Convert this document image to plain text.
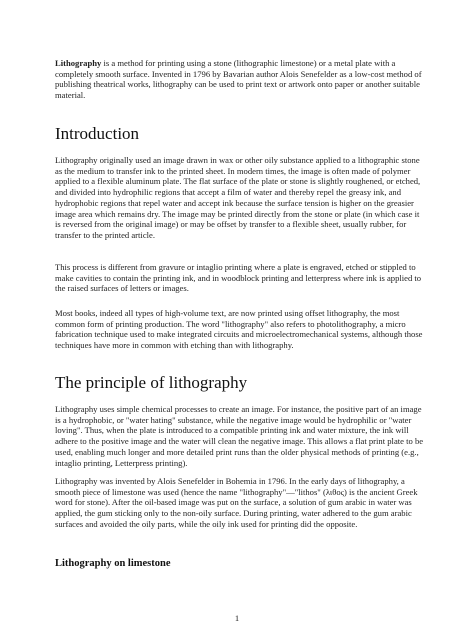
Lithography is a method for printing using a stone (lithographic limestone) or a metal plate with a completely smooth surface. Invented in 1796 by Bavarian author Alois Senefelder as a low-cost method of publishing theatrical works, lithography can be used to print text or artwork onto paper or another suitable material.

Introduction

Lithography originally used an image drawn in wax or other oily substance applied to a lithographic stone as the medium to transfer ink to the printed sheet. In modern times, the image is often made of polymer applied to a flexible aluminum plate. The flat surface of the plate or stone is slightly roughened, or etched, and divided into hydrophilic regions that accept a film of water and thereby repel the greasy ink, and hydrophobic regions that repel water and accept ink because the surface tension is higher on the greasier image area which remains dry. The image may be printed directly from the stone or plate (in which case it is reversed from the original image) or may be offset by transfer to a flexible sheet, usually rubber, for transfer to the printed article.

This process is different from gravure or intaglio printing where a plate is engraved, etched or stippled to make cavities to contain the printing ink, and in woodblock printing and letterpress where ink is applied to the raised surfaces of letters or images.

Most books, indeed all types of high-volume text, are now printed using offset lithography, the most common form of printing production. The word "lithography" also refers to photolithography, a micro fabrication technique used to make integrated circuits and microelectromechanical systems, although those techniques have more in common with etching than with lithography.

The principle of lithography

Lithography uses simple chemical processes to create an image. For instance, the positive part of an image is a hydrophobic, or "water hating" substance, while the negative image would be hydrophilic or "water loving". Thus, when the plate is introduced to a compatible printing ink and water mixture, the ink will adhere to the positive image and the water will clean the negative image. This allows a flat print plate to be used, enabling much longer and more detailed print runs than the older physical methods of printing (e.g., intaglio printing, Letterpress printing).

Lithography was invented by Alois Senefelder in Bohemia in 1796. In the early days of lithography, a smooth piece of limestone was used (hence the name "lithography"—"lithos" (λιθος) is the ancient Greek word for stone). After the oil-based image was put on the surface, a solution of gum arabic in water was applied, the gum sticking only to the non-oily surface. During printing, water adhered to the gum arabic surfaces and avoided the oily parts, while the oily ink used for printing did the opposite.

Lithography on limestone
1
